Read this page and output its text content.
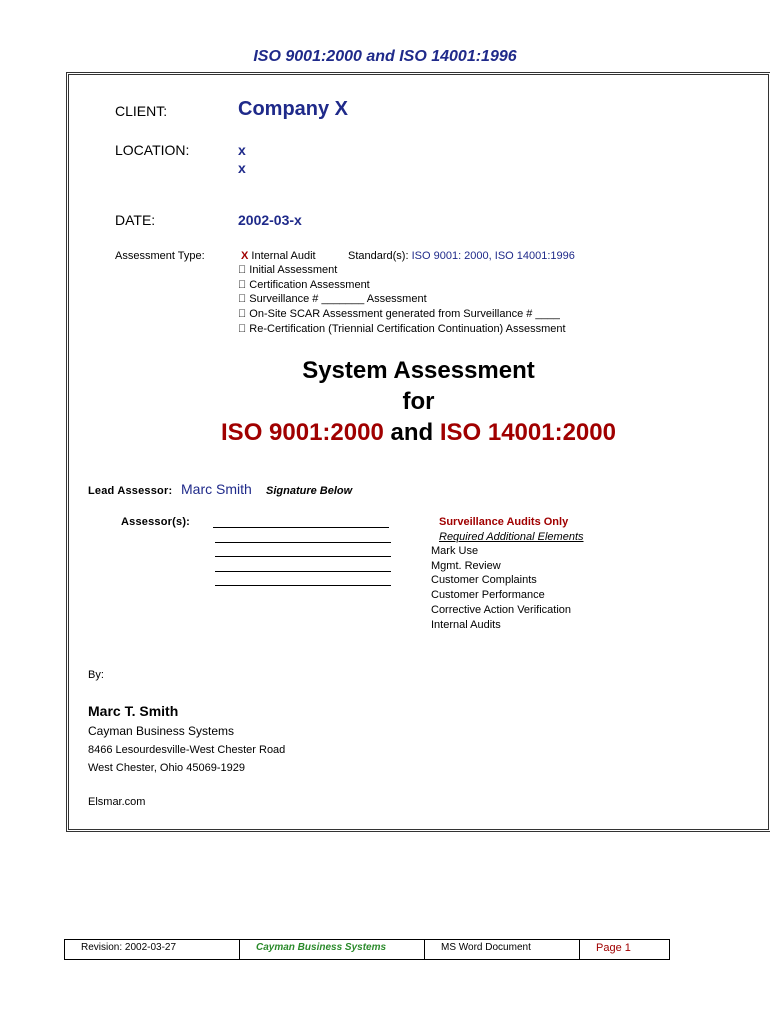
ISO 9001:2000 and ISO 14001:1996
CLIENT:	Company X
LOCATION:	x
x
DATE:	2002-03-x
Assessment Type:	X Internal Audit	Standard(s): ISO 9001: 2000, ISO 14001:1996
  Initial Assessment
  Certification Assessment
  Surveillance # _______ Assessment
  On-Site SCAR Assessment generated from Surveillance # ____
  Re-Certification (Triennial Certification Continuation) Assessment
System Assessment
for
ISO 9001:2000 and ISO 14001:2000
Lead Assessor: Marc Smith Signature Below
Assessor(s):	Surveillance Audits Only
Required Additional Elements
Mark Use
Mgmt. Review
Customer Complaints
Customer Performance
Corrective Action Verification
Internal Audits
By:
Marc T. Smith
Cayman Business Systems
8466 Lesourdesville-West Chester Road
West Chester, Ohio 45069-1929
Elsmar.com
Revision: 2002-03-27	Cayman Business Systems	MS Word Document	Page 1
